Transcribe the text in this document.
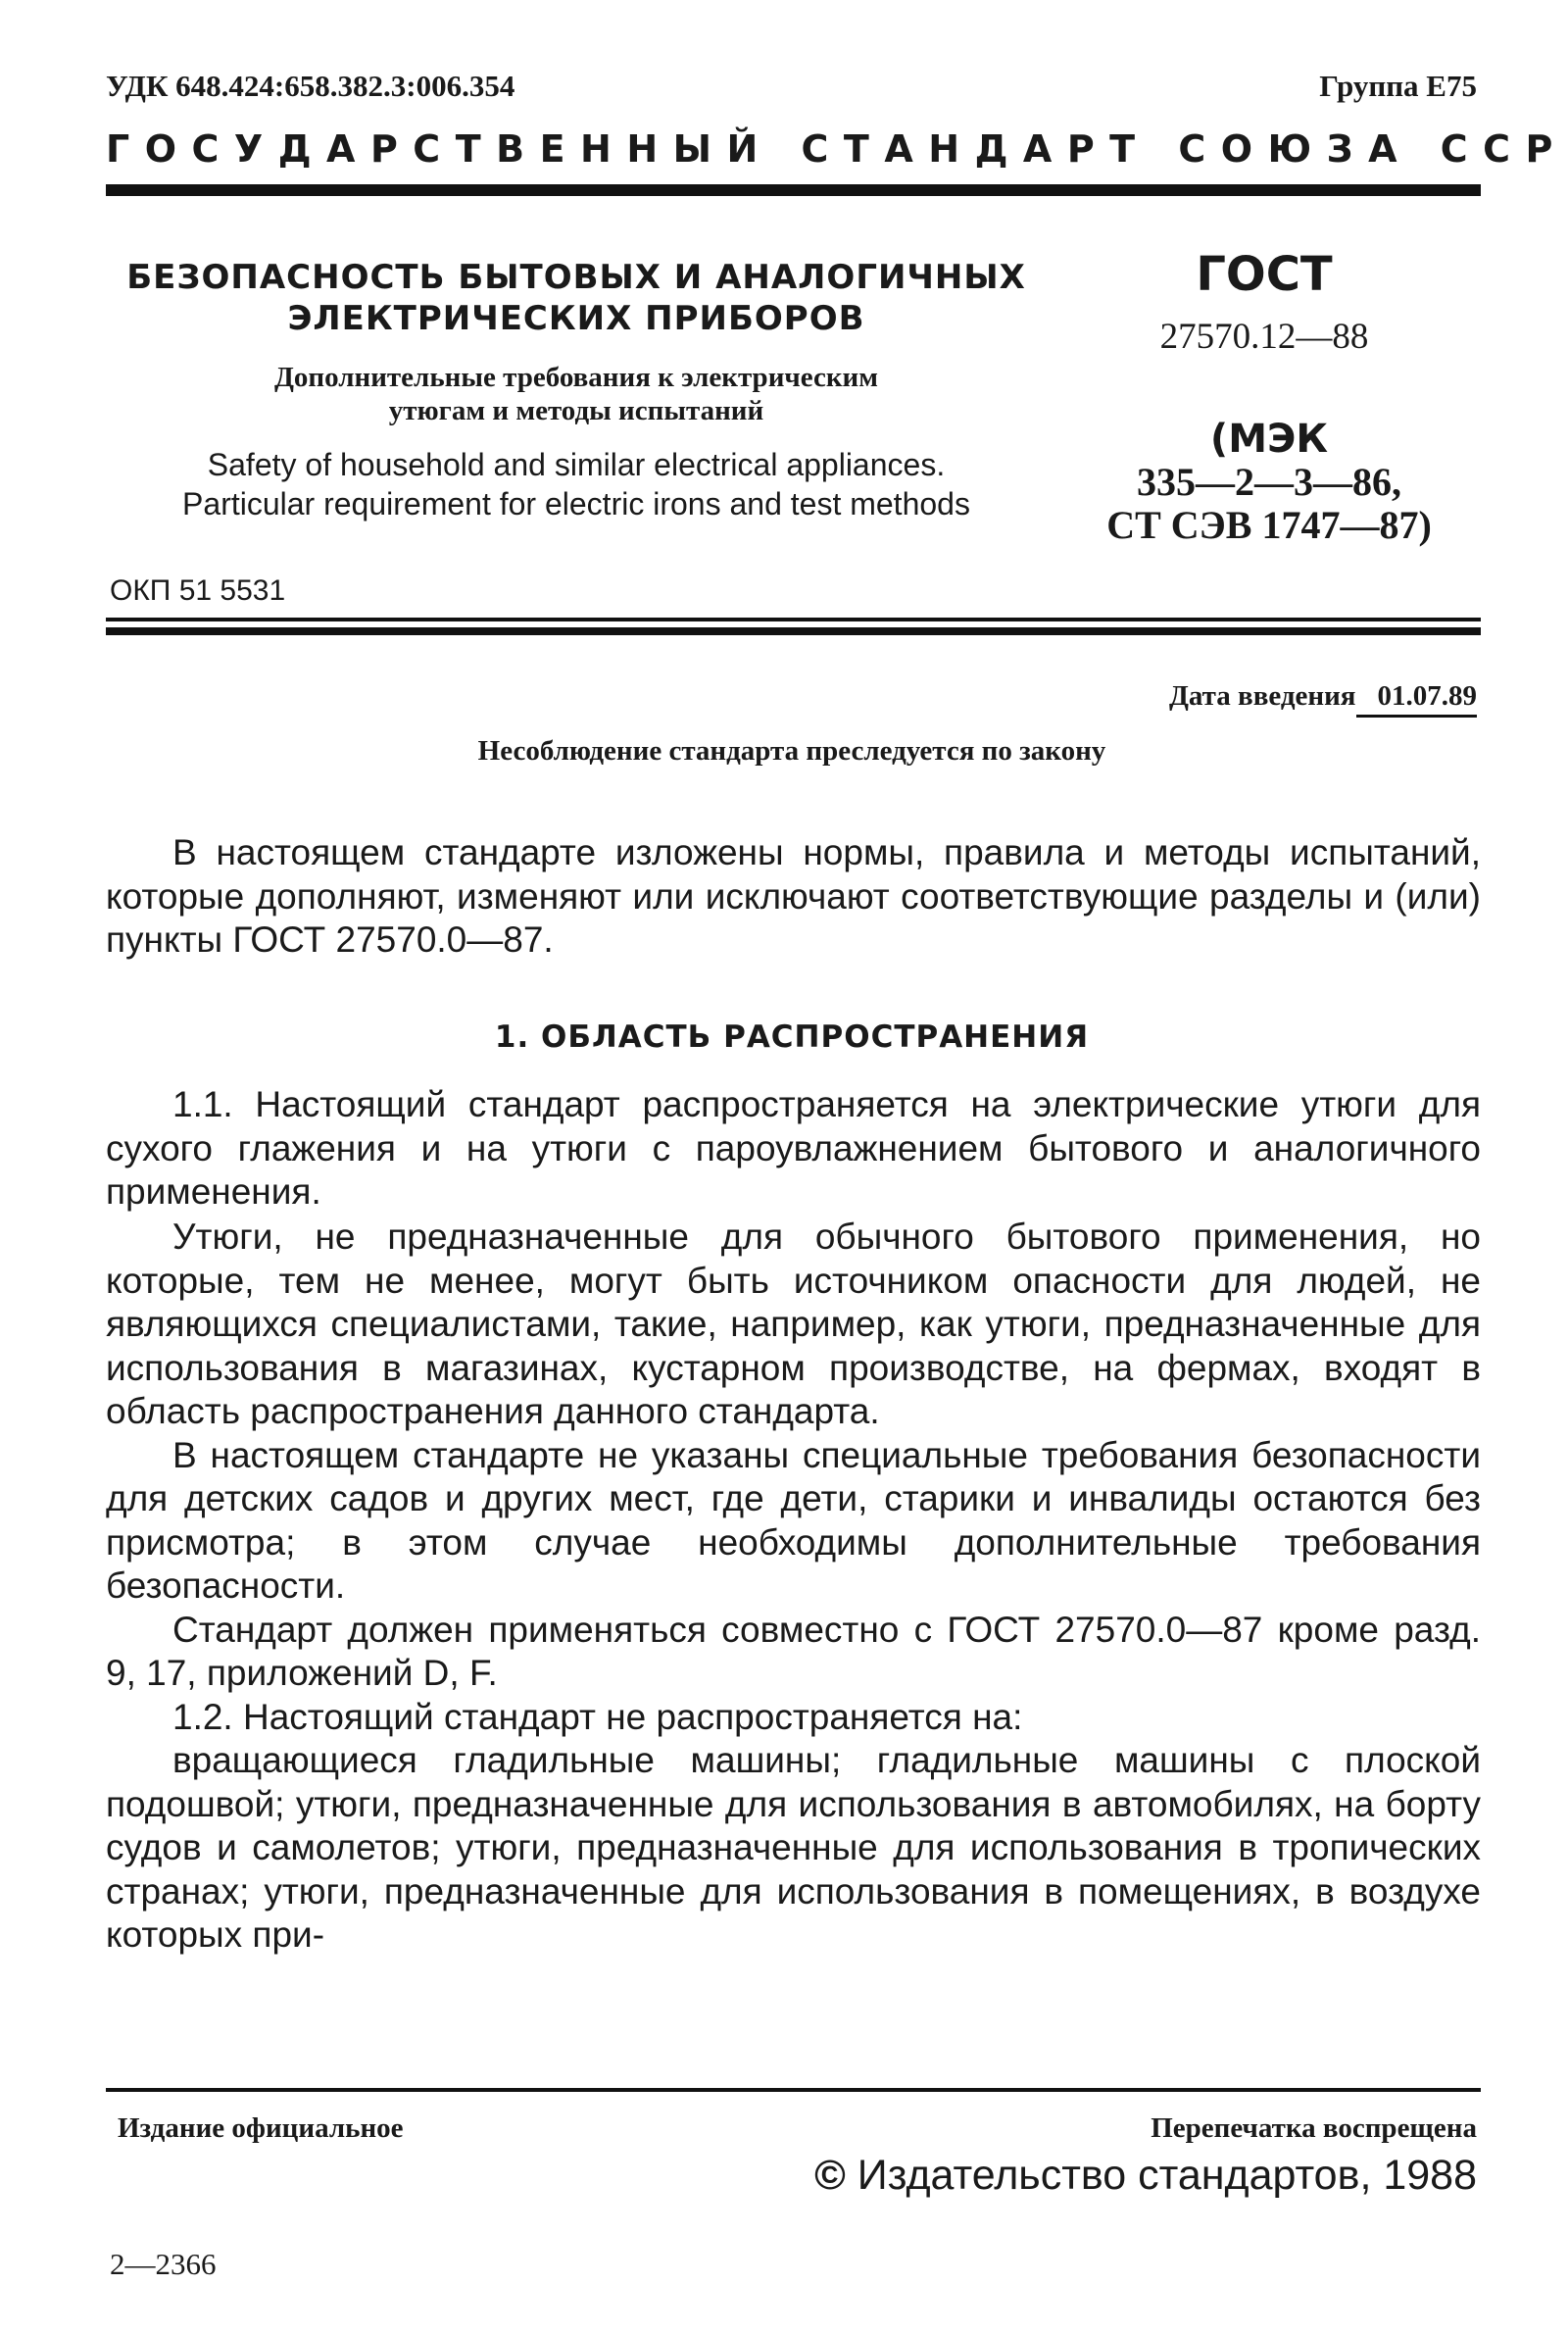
УДК 648.424:658.382.3:006.354	Группа Е75
ГОСУДАРСТВЕННЫЙ СТАНДАРТ СОЮЗА ССР
БЕЗОПАСНОСТЬ БЫТОВЫХ И АНАЛОГИЧНЫХ
ЭЛЕКТРИЧЕСКИХ ПРИБОРОВ
Дополнительные требования к электрическим
утюгам и методы испытаний
Safety of household and similar electrical appliances.
Particular requirement for electric irons and test methods
ОКП 51 5531
ГОСТ
27570.12—88
(МЭК
335—2—3—86,
СТ СЭВ 1747—87)
Дата введения 01.07.89
Несоблюдение стандарта преследуется по закону

В настоящем стандарте изложены нормы, правила и методы испытаний, которые дополняют, изменяют или исключают соответствующие разделы и (или) пункты ГОСТ 27570.0—87.

1. ОБЛАСТЬ РАСПРОСТРАНЕНИЯ

1.1. Настоящий стандарт распространяется на электрические утюги для сухого глажения и на утюги с пароувлажнением бытового и аналогичного применения.

Утюги, не предназначенные для обычного бытового применения, но которые, тем не менее, могут быть источником опасности для людей, не являющихся специалистами, такие, например, как утюги, предназначенные для использования в магазинах, кустарном производстве, на фермах, входят в область распространения данного стандарта.

В настоящем стандарте не указаны специальные требования безопасности для детских садов и других мест, где дети, старики и инвалиды остаются без присмотра; в этом случае необходимы дополнительные требования безопасности.

Стандарт должен применяться совместно с ГОСТ 27570.0—87 кроме разд. 9, 17, приложений D, F.

1.2. Настоящий стандарт не распространяется на:

вращающиеся гладильные машины; гладильные машины с плоской подошвой; утюги, предназначенные для использования в автомобилях, на борту судов и самолетов; утюги, предназначенные для использования в тропических странах; утюги, предназначенные для использования в помещениях, в воздухе которых при-

Издание официальное	Перепечатка воспрещена
© Издательство стандартов, 1988
2—2366
